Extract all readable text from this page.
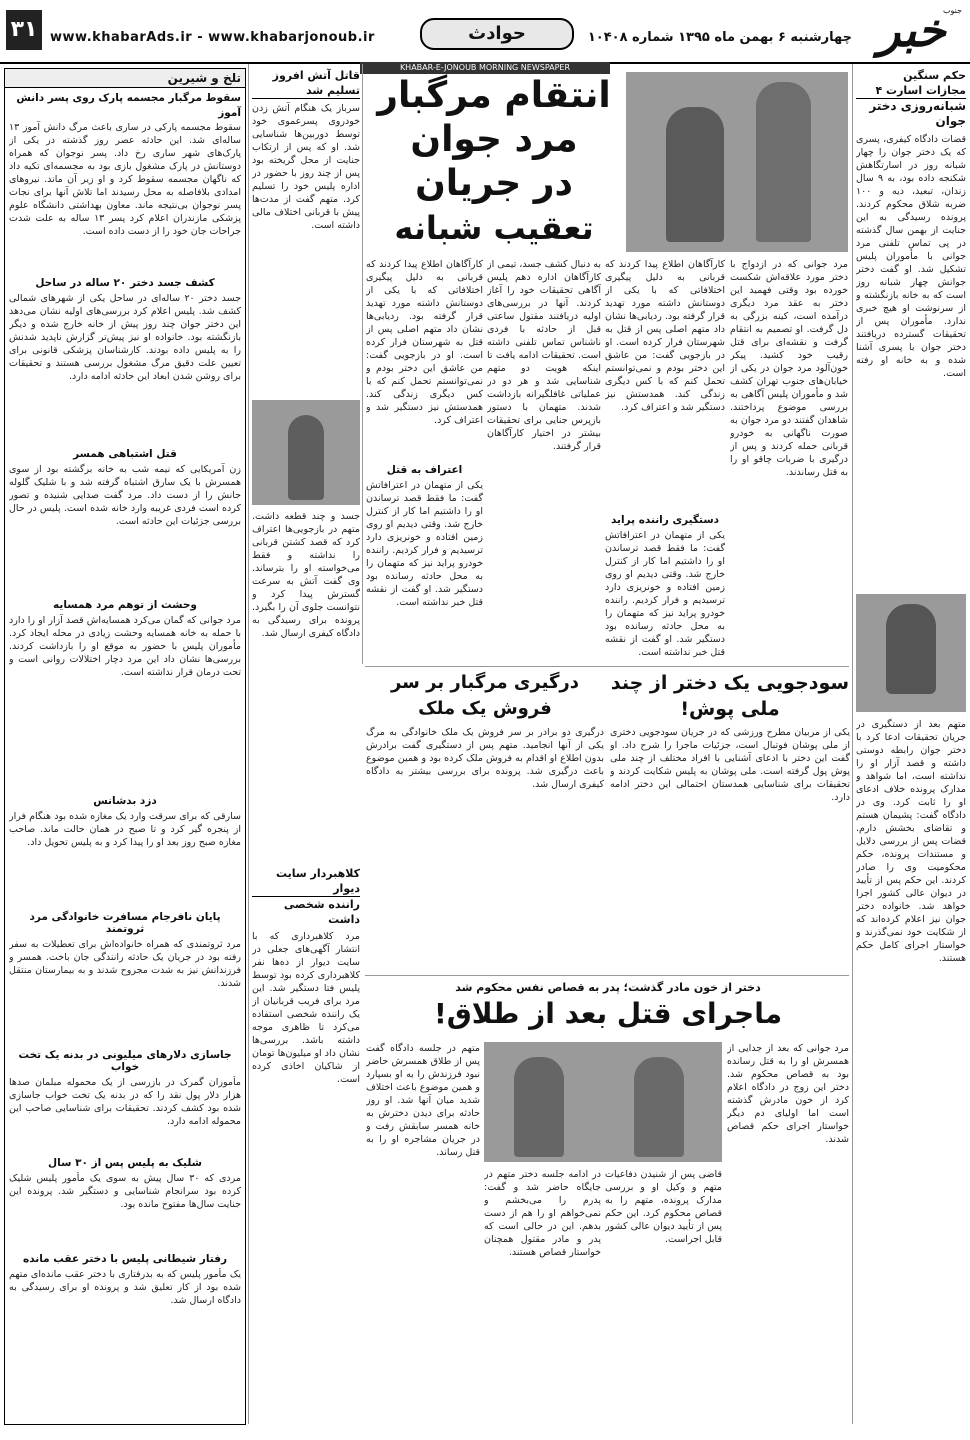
خبر
جنوب
چهارشنبه ۶ بهمن ماه ۱۳۹۵ شماره ۱۰۴۰۸
حوادث
www.khabarAds.ir - www.khabarjonoub.ir
۳۱
KHABAR-E-JONOUB MORNING NEWSPAPER
حکم سنگین
مجازات اسارت ۴
شبانه‌روزی دختر جوان
قضات دادگاه کیفری، پسری که یک دختر جوان را چهار شبانه روز در اسارتگاهش شکنجه داده بود، به ۹ سال زندان، تبعید، دیه و ۱۰۰ ضربه شلاق محکوم کردند. پرونده رسیدگی به این جنایت از بهمن سال گذشته در پی تماس تلفنی مرد جوانی با مأموران پلیس تشکیل شد. او گفت دختر جوانش چهار شبانه روز است که به خانه بازنگشته و از سرنوشت او هیچ خبری ندارد. مأموران پس از تحقیقات گسترده دریافتند دختر جوان با پسری آشنا شده و به خانه او رفته است.
متهم بعد از دستگیری در جریان تحقیقات ادعا کرد با دختر جوان رابطه دوستی داشته و قصد آزار او را نداشته است، اما شواهد و مدارک پرونده خلاف ادعای او را ثابت کرد. وی در دادگاه گفت: پشیمان هستم و تقاضای بخشش دارم. قضات پس از بررسی دلایل و مستندات پرونده، حکم محکومیت وی را صادر کردند. این حکم پس از تأیید در دیوان عالی کشور اجرا خواهد شد. خانواده دختر جوان نیز اعلام کرده‌اند که از شکایت خود نمی‌گذرند و خواستار اجرای کامل حکم هستند.
انتقام مرگبار
مرد جوان
در جریان
تعقیب شبانه
مرد جوانی که در ازدواج با دختر مورد علاقه‌اش شکست خورده بود وقتی فهمید این دختر به عقد مرد دیگری درآمده است، کینه بزرگی به دل گرفت. او تصمیم به انتقام گرفت و نقشه‌ای برای قتل رقیب خود کشید. پیکر خون‌آلود مرد جوان در یکی از خیابان‌های جنوب تهران کشف شد و مأموران پلیس آگاهی به بررسی موضوع پرداختند. شاهدان گفتند دو مرد جوان به صورت ناگهانی به خودرو قربانی حمله کردند و پس از درگیری با ضربات چاقو او را به قتل رساندند.
کارآگاهان اطلاع پیدا کردند که قربانی به دلیل پیگیری اختلافاتی که با یکی از دوستانش داشته مورد تهدید قرار گرفته بود. ردیابی‌ها نشان داد متهم اصلی پس از قتل به شهرستان فرار کرده است. او در بازجویی گفت: من عاشق این دختر بودم و نمی‌توانستم تحمل کنم که با کس دیگری زندگی کند. همدستش نیز دستگیر شد و اعتراف کرد.
دستگیری راننده پراید
یکی از متهمان در اعترافاتش گفت: ما فقط قصد ترساندن او را داشتیم اما کار از کنترل خارج شد. وقتی دیدیم او روی زمین افتاده و خونریزی دارد ترسیدیم و فرار کردیم. راننده خودرو پراید نیز که متهمان را به محل حادثه رسانده بود دستگیر شد. او گفت از نقشه قتل خبر نداشته است.
به دنبال کشف جسد، تیمی از کارآگاهان اداره دهم پلیس آگاهی تحقیقات خود را آغاز کردند. آنها در بررسی‌های اولیه دریافتند مقتول ساعتی قبل از حادثه با فردی ناشناس تماس تلفنی داشته است. تحقیقات ادامه یافت تا اینکه هویت دو متهم شناسایی شد و هر دو در عملیاتی غافلگیرانه بازداشت شدند. متهمان با دستور بازپرس جنایی برای تحقیقات بیشتر در اختیار کارآگاهان قرار گرفتند.
کارآگاهان اطلاع پیدا کردند که قربانی به دلیل پیگیری اختلافاتی که با یکی از دوستانش داشته مورد تهدید قرار گرفته بود. ردیابی‌ها نشان داد متهم اصلی پس از قتل به شهرستان فرار کرده است. او در بازجویی گفت: من عاشق این دختر بودم و نمی‌توانستم تحمل کنم که با کس دیگری زندگی کند. همدستش نیز دستگیر شد و اعتراف کرد.
اعتراف به قتل
یکی از متهمان در اعترافاتش گفت: ما فقط قصد ترساندن او را داشتیم اما کار از کنترل خارج شد. وقتی دیدیم او روی زمین افتاده و خونریزی دارد ترسیدیم و فرار کردیم. راننده خودرو پراید نیز که متهمان را به محل حادثه رسانده بود دستگیر شد. او گفت از نقشه قتل خبر نداشته است.
قاتل آتش افروز
تسلیم شد
سرباز یک هنگام آتش زدن خودروی پسرعموی خود توسط دوربین‌ها شناسایی شد. او که پس از ارتکاب جنایت از محل گریخته بود پس از چند روز با حضور در اداره پلیس خود را تسلیم کرد. متهم گفت از مدت‌ها پیش با قربانی اختلاف مالی داشته است.
جسد و چند قطعه داشت. متهم در بازجویی‌ها اعتراف کرد که قصد کشتن قربانی را نداشته و فقط می‌خواسته او را بترساند. وی گفت آتش به سرعت گسترش پیدا کرد و نتوانست جلوی آن را بگیرد. پرونده برای رسیدگی به دادگاه کیفری ارسال شد.
کلاهبردار سایت دیوار
راننده شخصی داشت
مرد کلاهبرداری که با انتشار آگهی‌های جعلی در سایت دیوار از ده‌ها نفر کلاهبرداری کرده بود توسط پلیس فتا دستگیر شد. این مرد برای فریب قربانیان از یک راننده شخصی استفاده می‌کرد تا ظاهری موجه داشته باشد. بررسی‌ها نشان داد او میلیون‌ها تومان از شاکیان اخاذی کرده است.
سودجویی یک دختر از چند ملی پوش!
یکی از مربیان مطرح ورزشی که در جریان سودجویی دختری از ملی پوشان فوتبال است، جزئیات ماجرا را شرح داد. او گفت این دختر با ادعای آشنایی با افراد مختلف از چند ملی پوش پول گرفته است. ملی پوشان به پلیس شکایت کردند و تحقیقات برای شناسایی همدستان احتمالی این دختر ادامه دارد.
درگیری مرگبار بر سر فروش یک ملک
درگیری دو برادر بر سر فروش یک ملک خانوادگی به مرگ یکی از آنها انجامید. متهم پس از دستگیری گفت برادرش بدون اطلاع او اقدام به فروش ملک کرده بود و همین موضوع باعث درگیری شد. پرونده برای بررسی بیشتر به دادگاه کیفری ارسال شد.
دختر از خون مادر گذشت؛ پدر به قصاص نفس محکوم شد
ماجرای قتل بعد از طلاق!
مرد جوانی که بعد از جدایی از همسرش او را به قتل رسانده بود به قصاص محکوم شد. دختر این زوج در دادگاه اعلام کرد از خون مادرش گذشته است اما اولیای دم دیگر خواستار اجرای حکم قصاص شدند.
متهم در جلسه دادگاه گفت پس از طلاق همسرش حاضر نبود فرزندش را به او بسپارد و همین موضوع باعث اختلاف شدید میان آنها شد. او روز حادثه برای دیدن دخترش به خانه همسر سابقش رفت و در جریان مشاجره او را به قتل رساند.
قاضی پس از شنیدن دفاعیات متهم و وکیل او و بررسی مدارک پرونده، متهم را به قصاص محکوم کرد. این حکم پس از تأیید دیوان عالی کشور قابل اجراست.
در ادامه جلسه دختر متهم در جایگاه حاضر شد و گفت: پدرم را می‌بخشم و نمی‌خواهم او را هم از دست بدهم. این در حالی است که پدر و مادر مقتول همچنان خواستار قصاص هستند.
تلخ و شیرین
سقوط مرگبار مجسمه پارک روی پسر دانش آموز
سقوط مجسمه پارکی در ساری باعث مرگ دانش آموز ۱۳ ساله‌ای شد. این حادثه عصر روز گذشته در یکی از پارک‌های شهر ساری رخ داد. پسر نوجوان که همراه دوستانش در پارک مشغول بازی بود به مجسمه‌ای تکیه داد که ناگهان مجسمه سقوط کرد و او زیر آن ماند. نیروهای امدادی بلافاصله به محل رسیدند اما تلاش آنها برای نجات پسر نوجوان بی‌نتیجه ماند. معاون بهداشتی دانشگاه علوم پزشکی مازندران اعلام کرد پسر ۱۳ ساله به علت شدت جراحات جان خود را از دست داده است.
کشف جسد دختر ۲۰ ساله در ساحل
جسد دختر ۲۰ ساله‌ای در ساحل یکی از شهرهای شمالی کشف شد. پلیس اعلام کرد بررسی‌های اولیه نشان می‌دهد این دختر جوان چند روز پیش از خانه خارج شده و دیگر بازنگشته بود. خانواده او نیز پیش‌تر گزارش ناپدید شدنش را به پلیس داده بودند. کارشناسان پزشکی قانونی برای تعیین علت دقیق مرگ مشغول بررسی هستند و تحقیقات برای روشن شدن ابعاد این حادثه ادامه دارد.
قتل اشتباهی همسر
زن آمریکایی که نیمه شب به خانه برگشته بود از سوی همسرش با یک سارق اشتباه گرفته شد و با شلیک گلوله جانش را از دست داد. مرد گفت صدایی شنیده و تصور کرده است فردی غریبه وارد خانه شده است. پلیس در حال بررسی جزئیات این حادثه است.
وحشت از توهم مرد همسایه
مرد جوانی که گمان می‌کرد همسایه‌اش قصد آزار او را دارد با حمله به خانه همسایه وحشت زیادی در محله ایجاد کرد. مأموران پلیس با حضور به موقع او را بازداشت کردند. بررسی‌ها نشان داد این مرد دچار اختلالات روانی است و تحت درمان قرار نداشته است.
دزد بدشانس
سارقی که برای سرقت وارد یک مغازه شده بود هنگام فرار از پنجره گیر کرد و تا صبح در همان حالت ماند. صاحب مغازه صبح روز بعد او را پیدا کرد و به پلیس تحویل داد.
پایان نافرجام مسافرت خانوادگی مرد ثروتمند
مرد ثروتمندی که همراه خانواده‌اش برای تعطیلات به سفر رفته بود در جریان یک حادثه رانندگی جان باخت. همسر و فرزندانش نیز به شدت مجروح شدند و به بیمارستان منتقل شدند.
جاسازی دلارهای میلیونی در بدنه یک تخت خواب
مأموران گمرک در بازرسی از یک محموله مبلمان صدها هزار دلار پول نقد را که در بدنه یک تخت خواب جاسازی شده بود کشف کردند. تحقیقات برای شناسایی صاحب این محموله ادامه دارد.
شلیک به پلیس پس از ۳۰ سال
مردی که ۳۰ سال پیش به سوی یک مأمور پلیس شلیک کرده بود سرانجام شناسایی و دستگیر شد. پرونده این جنایت سال‌ها مفتوح مانده بود.
رفتار شیطانی پلیس با دختر عقب مانده
یک مأمور پلیس که به بدرفتاری با دختر عقب مانده‌ای متهم شده بود از کار تعلیق شد و پرونده او برای رسیدگی به دادگاه ارسال شد.
